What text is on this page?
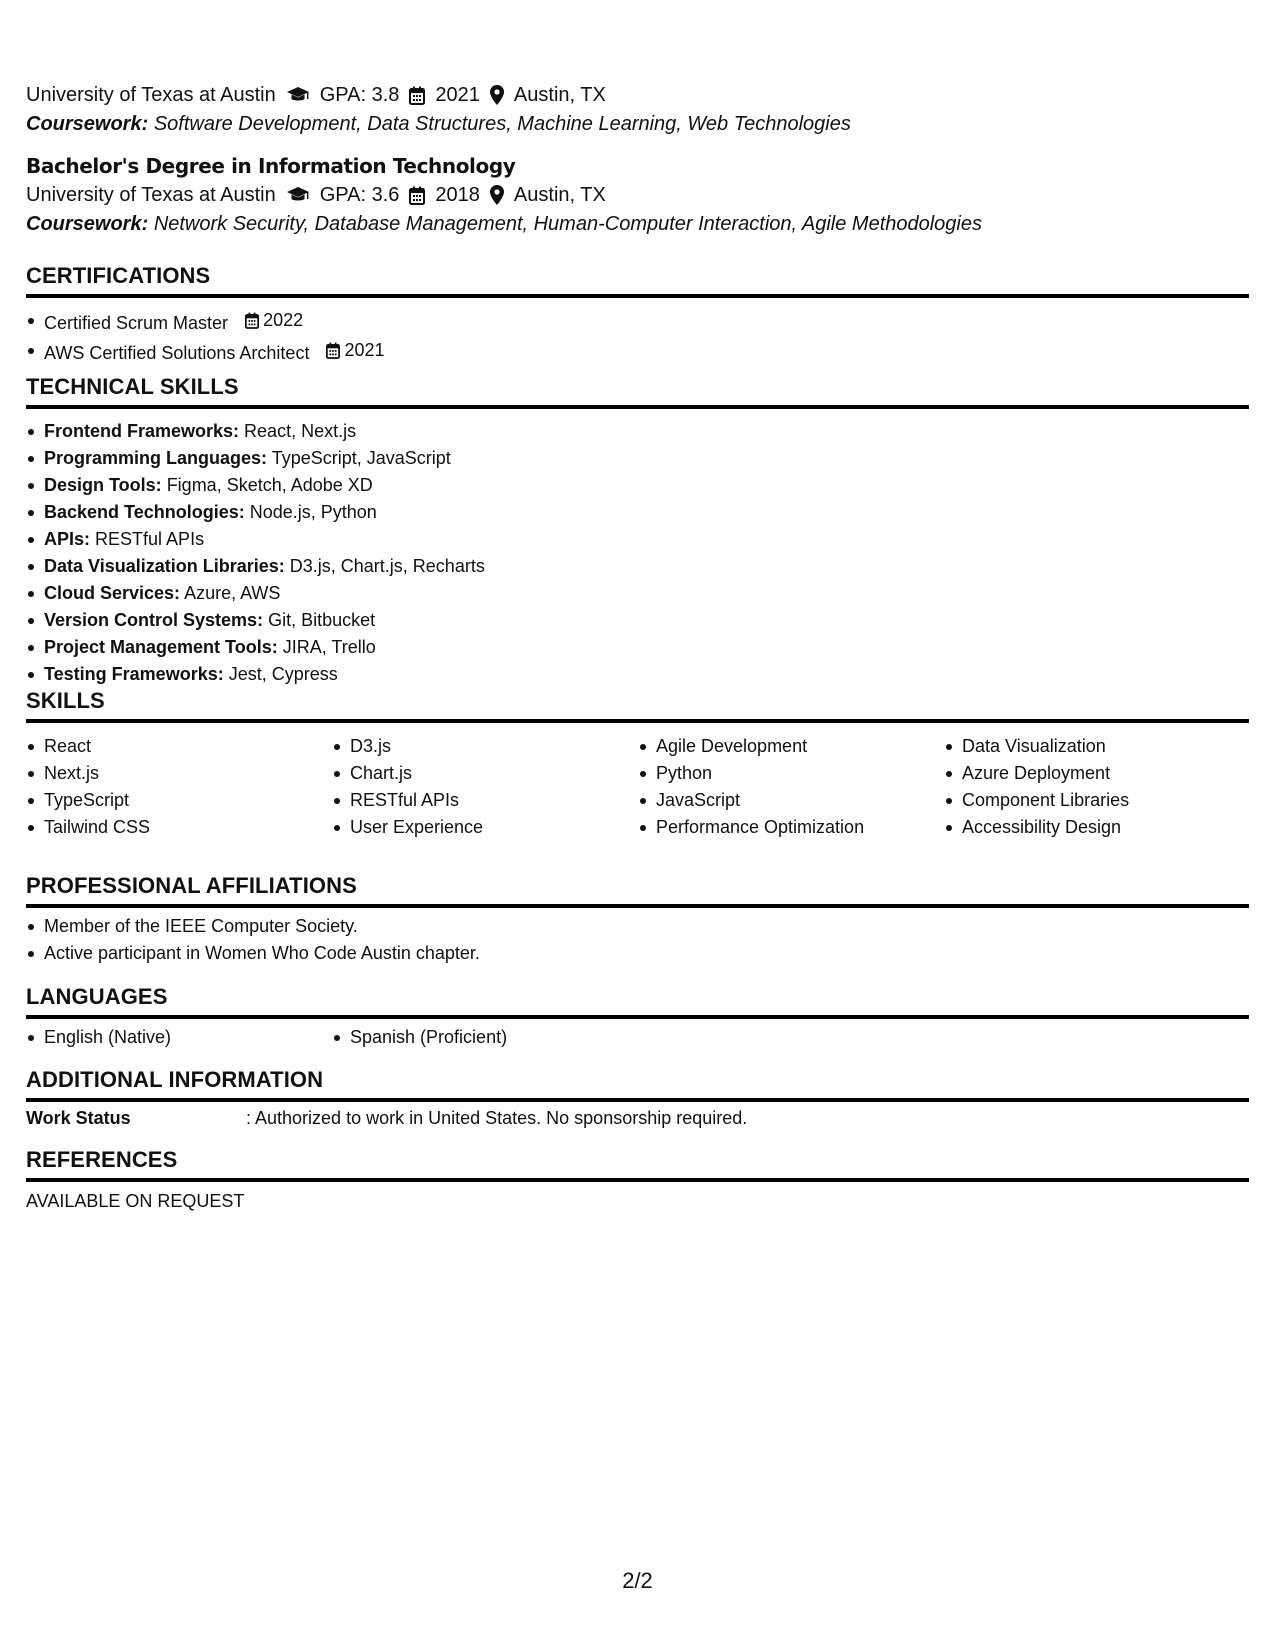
University of Texas at Austin GPA: 3.8 2021 Austin, TX
Coursework: Software Development, Data Structures, Machine Learning, Web Technologies
Bachelor's Degree in Information Technology
University of Texas at Austin GPA: 3.6 2018 Austin, TX
Coursework: Network Security, Database Management, Human-Computer Interaction, Agile Methodologies
CERTIFICATIONS
Certified Scrum Master 2022
AWS Certified Solutions Architect 2021
TECHNICAL SKILLS
Frontend Frameworks: React, Next.js
Programming Languages: TypeScript, JavaScript
Design Tools: Figma, Sketch, Adobe XD
Backend Technologies: Node.js, Python
APIs: RESTful APIs
Data Visualization Libraries: D3.js, Chart.js, Recharts
Cloud Services: Azure, AWS
Version Control Systems: Git, Bitbucket
Project Management Tools: JIRA, Trello
Testing Frameworks: Jest, Cypress
SKILLS
React
Next.js
TypeScript
Tailwind CSS
D3.js
Chart.js
RESTful APIs
User Experience
Agile Development
Python
JavaScript
Performance Optimization
Data Visualization
Azure Deployment
Component Libraries
Accessibility Design
PROFESSIONAL AFFILIATIONS
Member of the IEEE Computer Society.
Active participant in Women Who Code Austin chapter.
LANGUAGES
English (Native)	Spanish (Proficient)
ADDITIONAL INFORMATION
Work Status	: Authorized to work in United States. No sponsorship required.
REFERENCES
AVAILABLE ON REQUEST
2/2
